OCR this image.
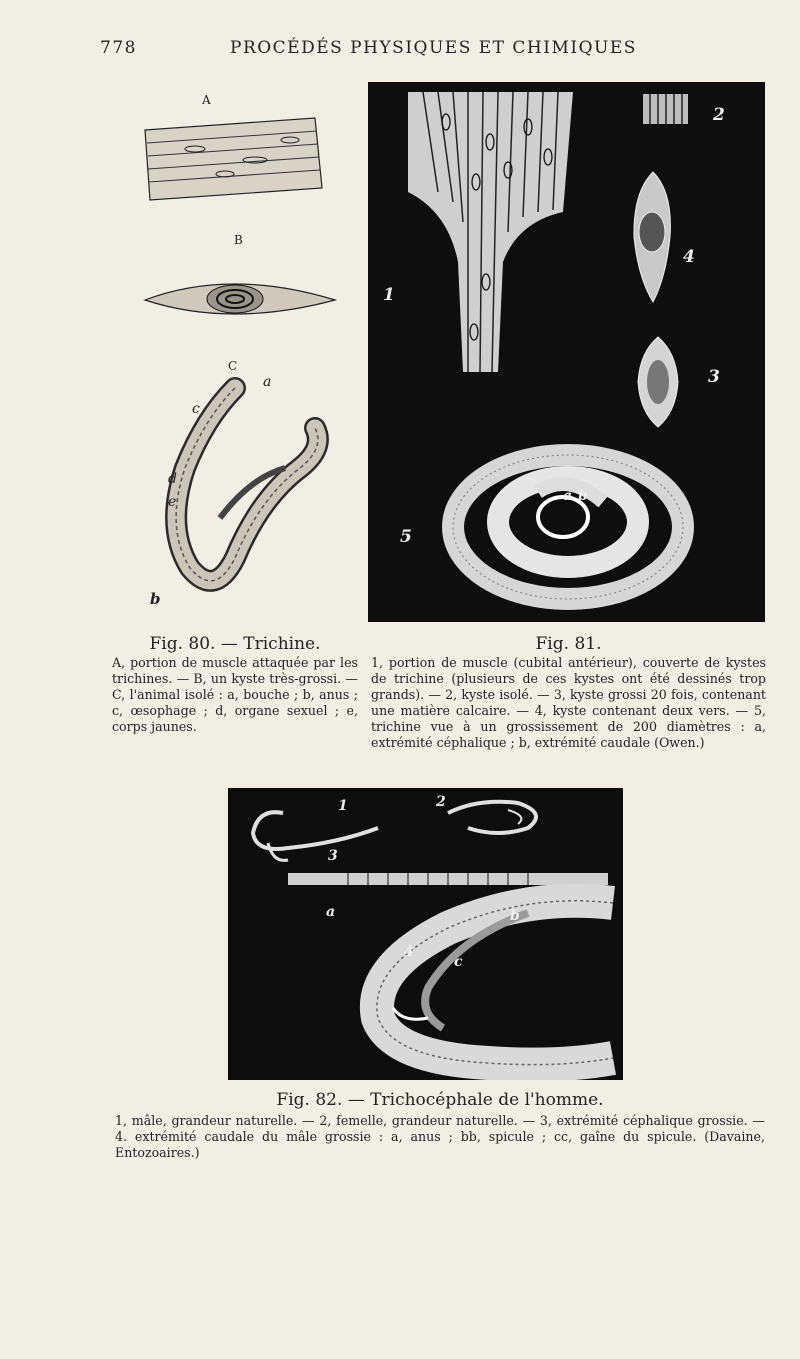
778	PROCÉDÉS PHYSIQUES ET CHIMIQUES
A
B
C
a
c
d
e
b
Fig. 80. — Trichine.
A, portion de muscle attaquée par les trichines. — B, un kyste très-grossi. — C, l'animal isolé : a, bouche ; b, anus ; c, œsophage ; d, organe sexuel ; e, corps jaunes.
1
2
3
4
5
a b
Fig. 81.
1, portion de muscle (cubital antérieur), couverte de kystes de trichine (plusieurs de ces kystes ont été dessinés trop grands). — 2, kyste isolé. — 3, kyste grossi 20 fois, contenant une matière calcaire. — 4, kyste contenant deux vers. — 5, trichine vue à un grossissement de 200 diamètres : a, extrémité céphalique ; b, extrémité caudale (Owen.)
1	2
3
4
a	b
c
Fig. 82. — Trichocéphale de l'homme.
1, mâle, grandeur naturelle. — 2, femelle, grandeur naturelle. — 3, extrémité céphalique grossie. — 4. extrémité caudale du mâle grossie : a, anus ; bb, spicule ; cc, gaîne du spicule. (Davaine, Entozoaires.)
